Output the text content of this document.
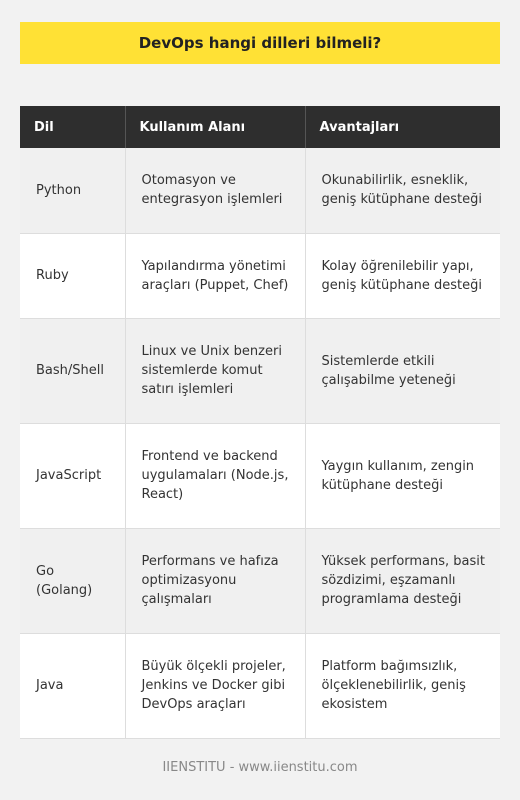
DevOps hangi dilleri bilmeli?
Dil	Kullanım Alanı	Avantajları
Python	Otomasyon ve entegrasyon işlemleri	Okunabilirlik, esneklik, geniş kütüphane desteği
Ruby	Yapılandırma yönetimi araçları (Puppet, Chef)	Kolay öğrenilebilir yapı, geniş kütüphane desteği
Bash/Shell	Linux ve Unix benzeri sistemlerde komut satırı işlemleri	Sistemlerde etkili çalışabilme yeteneği
JavaScript	Frontend ve backend uygulamaları (Node.js, React)	Yaygın kullanım, zengin kütüphane desteği
Go (Golang)	Performans ve hafıza optimizasyonu çalışmaları	Yüksek performans, basit sözdizimi, eşzamanlı programlama desteği
Java	Büyük ölçekli projeler, Jenkins ve Docker gibi DevOps araçları	Platform bağımsızlık, ölçeklenebilirlik, geniş ekosistem
IIENSTITU - www.iienstitu.com
